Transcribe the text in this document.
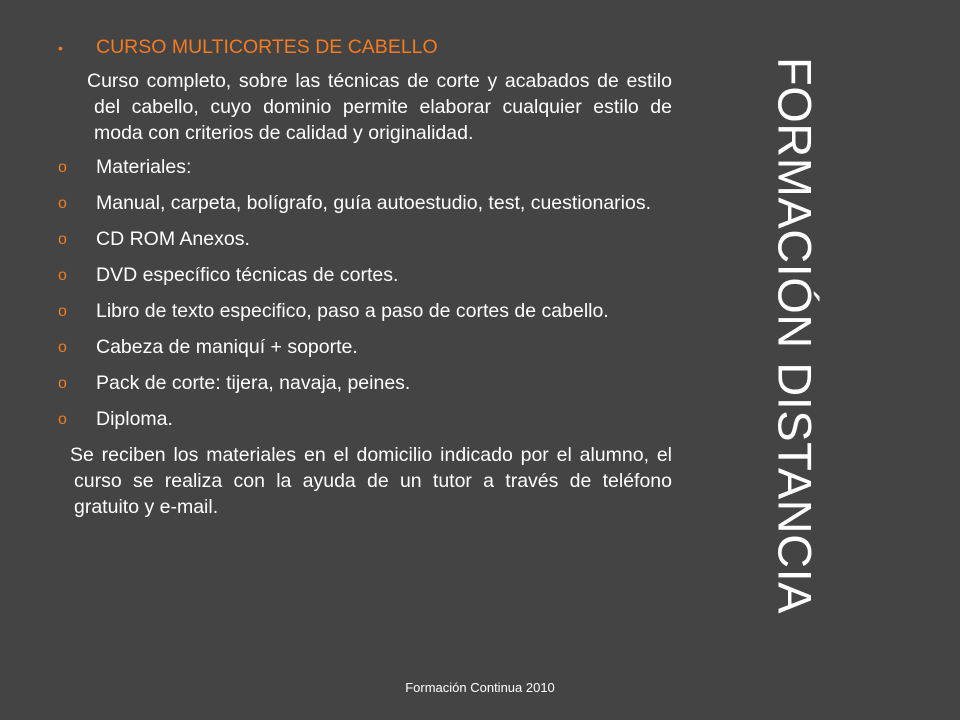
•	CURSO MULTICORTES DE CABELLO
Curso completo, sobre las técnicas de corte y acabados de estilo del cabello, cuyo dominio permite elaborar cualquier estilo de moda con criterios de calidad y originalidad.
o	Materiales:
o	Manual, carpeta, bolígrafo, guía autoestudio, test, cuestionarios.
o	CD ROM Anexos.
o	DVD específico técnicas de cortes.
o	Libro de texto especifico, paso a paso de cortes de cabello.
o	Cabeza de maniquí + soporte.
o	Pack de corte: tijera, navaja, peines.
o	Diploma.
Se reciben los materiales en el domicilio indicado por el alumno, el curso se realiza con la ayuda de un tutor a través de teléfono gratuito y e-mail.	FORMACIÓN DISTANCIA
Formación Continua 2010
